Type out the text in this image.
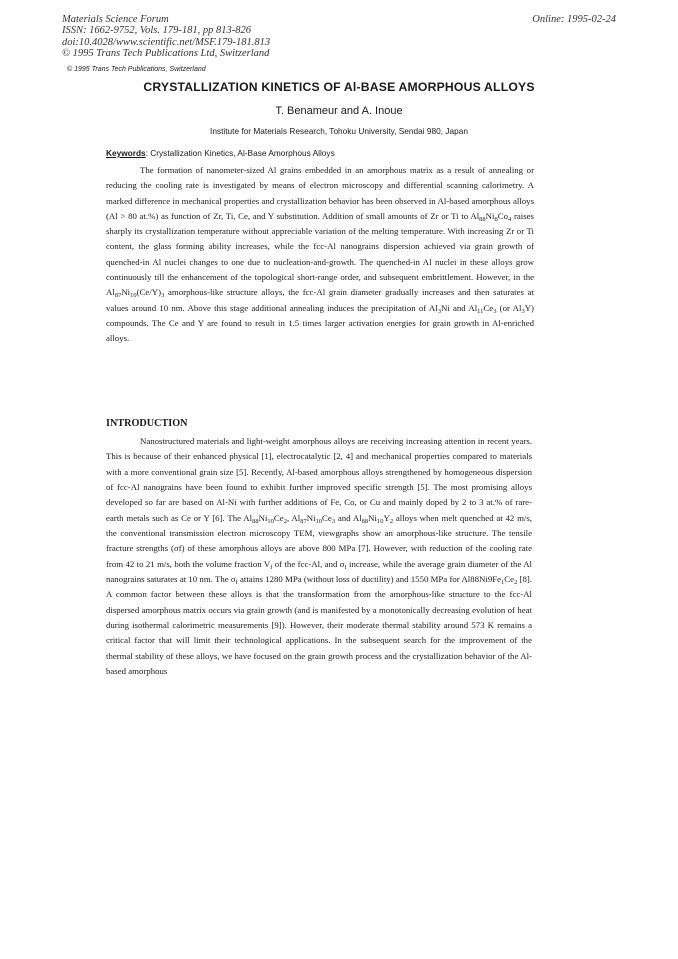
Materials Science Forum
ISSN: 1662-9752, Vols. 179-181, pp 813-826
doi:10.4028/www.scientific.net/MSF.179-181.813
© 1995 Trans Tech Publications Ltd, Switzerland
Online: 1995-02-24
© 1995 Trans Tech Publications, Switzerland
CRYSTALLIZATION KINETICS OF Al-BASE AMORPHOUS ALLOYS
T. Benameur and A. Inoue
Institute for Materials Research, Tohoku University, Sendai 980, Japan
Keywords: Crystallization Kinetics, Al-Base Amorphous Alloys

The formation of nanometer-sized Al grains embedded in an amorphous matrix as a result of annealing or reducing the cooling rate is investigated by means of electron microscopy and differential scanning calorimetry. A marked difference in mechanical properties and crystallization behavior has been observed in Al-based amorphous alloys (Al > 80 at.%) as function of Zr, Ti, Ce, and Y substitution. Addition of small amounts of Zr or Ti to $Al_{88}Ni_8Co_4$ raises sharply its crystallization temperature without appreciable variation of the melting temperature. With increasing Zr or Ti content, the glass forming ability increases, while the fcc-Al nanograins dispersion achieved via grain growth of quenched-in Al nuclei changes to one due to nucleation-and-growth. The quenched-in Al nuclei in these alloys grow continuously till the enhancement of the topological short-range order, and subsequent embrittlement. However, in the $Al_{87}Ni_{10}(Ce/Y)_3$ amorphous-like structure alloys, the fcc-Al grain diameter gradually increases and then saturates at values around 10 nm. Above this stage additional annealing induces the precipitation of $Al_3Ni$ and $Al_{11}Ce_3$ (or $Al_3Y$) compounds. The Ce and Y are found to result in 1.5 times larger activation energies for grain growth in Al-enriched alloys.

INTRODUCTION

Nanostructured materials and light-weight amorphous alloys are receiving increasing attention in recent years. This is because of their enhanced physical [1], electrocatalytic [2, 4] and mechanical properties compared to materials with a more conventional grain size [5]. Recently, Al-based amorphous alloys strengthened by homogeneous dispersion of fcc-Al nanograins have been found to exhibit further improved specific strength [5]. The most promising alloys developed so far are based on Al-Ni with further additions of Fe, Co, or Cu and mainly doped by 2 to 3 at.% of rare-earth metals such as Ce or Y [6]. The $Al_{88}Ni_{10}Ce_2$, $Al_{87}Ni_{10}Ce_3$ and $Al_{88}Ni_{10}Y_2$ alloys when melt quenched at 42 m/s, the conventional transmission electron microscopy TEM, viewgraphs show an amorphous-like structure. The tensile fracture strengths (σf) of these amorphous alloys are above 800 MPa [7]. However, with reduction of the cooling rate from 42 to 21 m/s, both the volume fraction $V_f$ of the fcc-Al, and $\sigma_f$ increase, while the average grain diameter of the Al nanograins saturates at 10 nm. The $\sigma_f$ attains 1280 MPa (without loss of ductility) and 1550 MPa for $Al88Ni9Fe_1Ce_2$ [8]. A common factor between these alloys is that the transformation from the amorphous-like structure to the fcc-Al dispersed amorphous matrix occurs via grain growth (and is manifested by a monotonically decreasing evolution of heat during isothermal calorimetric measurements [9]). However, their moderate thermal stability around 573 K remains a critical factor that will limit their technological applications. In the subsequent search for the improvement of the thermal stability of these alloys, we have focused on the grain growth process and the crystallization behavior of the Al-based amorphous
